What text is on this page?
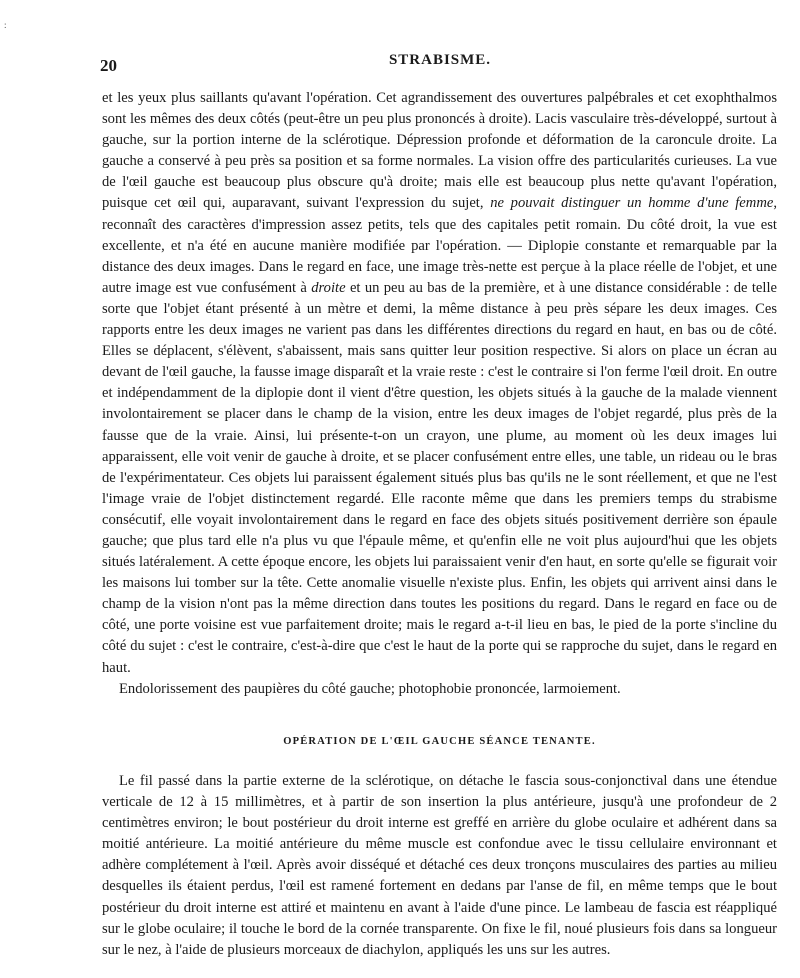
:
20	STRABISME.

et les yeux plus saillants qu'avant l'opération. Cet agrandissement des ouvertures palpébrales et cet exophthalmos sont les mêmes des deux côtés (peut-être un peu plus prononcés à droite). Lacis vasculaire très-développé, surtout à gauche, sur la portion interne de la sclérotique. Dépression profonde et déformation de la caroncule droite. La gauche a conservé à peu près sa position et sa forme normales. La vision offre des particularités curieuses. La vue de l'œil gauche est beaucoup plus obscure qu'à droite; mais elle est beaucoup plus nette qu'avant l'opération, puisque cet œil qui, auparavant, suivant l'expression du sujet, ne pouvait distinguer un homme d'une femme, reconnaît des caractères d'impression assez petits, tels que des capitales petit romain. Du côté droit, la vue est excellente, et n'a été en aucune manière modifiée par l'opération. — Diplopie constante et remarquable par la distance des deux images. Dans le regard en face, une image très-nette est perçue à la place réelle de l'objet, et une autre image est vue confusément à droite et un peu au bas de la première, et à une distance considérable : de telle sorte que l'objet étant présenté à un mètre et demi, la même distance à peu près sépare les deux images. Ces rapports entre les deux images ne varient pas dans les différentes directions du regard en haut, en bas ou de côté. Elles se déplacent, s'élèvent, s'abaissent, mais sans quitter leur position respective. Si alors on place un écran au devant de l'œil gauche, la fausse image disparaît et la vraie reste : c'est le contraire si l'on ferme l'œil droit. En outre et indépendamment de la diplopie dont il vient d'être question, les objets situés à la gauche de la malade viennent involontairement se placer dans le champ de la vision, entre les deux images de l'objet regardé, plus près de la fausse que de la vraie. Ainsi, lui présente-t-on un crayon, une plume, au moment où les deux images lui apparaissent, elle voit venir de gauche à droite, et se placer confusément entre elles, une table, un rideau ou le bras de l'expérimentateur. Ces objets lui paraissent également situés plus bas qu'ils ne le sont réellement, et que ne l'est l'image vraie de l'objet distinctement regardé. Elle raconte même que dans les premiers temps du strabisme consécutif, elle voyait involontairement dans le regard en face des objets situés positivement derrière son épaule gauche; que plus tard elle n'a plus vu que l'épaule même, et qu'enfin elle ne voit plus aujourd'hui que les objets situés latéralement. A cette époque encore, les objets lui paraissaient venir d'en haut, en sorte qu'elle se figurait voir les maisons lui tomber sur la tête. Cette anomalie visuelle n'existe plus. Enfin, les objets qui arrivent ainsi dans le champ de la vision n'ont pas la même direction dans toutes les positions du regard. Dans le regard en face ou de côté, une porte voisine est vue parfaitement droite; mais le regard a-t-il lieu en bas, le pied de la porte s'incline du côté du sujet : c'est le contraire, c'est-à-dire que c'est le haut de la porte qui se rapproche du sujet, dans le regard en haut.

Endolorissement des paupières du côté gauche; photophobie prononcée, larmoiement.

OPÉRATION DE L'ŒIL GAUCHE SÉANCE TENANTE.

Le fil passé dans la partie externe de la sclérotique, on détache le fascia sous-conjonctival dans une étendue verticale de 12 à 15 millimètres, et à partir de son insertion la plus antérieure, jusqu'à une profondeur de 2 centimètres environ; le bout postérieur du droit interne est greffé en arrière du globe oculaire et adhérent dans sa moitié antérieure. La moitié antérieure du même muscle est confondue avec le tissu cellulaire environnant et adhère complétement à l'œil. Après avoir disséqué et détaché ces deux tronçons musculaires des parties au milieu desquelles ils étaient perdus, l'œil est ramené fortement en dedans par l'anse de fil, en même temps que le bout postérieur du droit interne est attiré et maintenu en avant à l'aide d'une pince. Le lambeau de fascia est réappliqué sur le globe oculaire; il touche le bord de la cornée transparente. On fixe le fil, noué plusieurs fois dans sa longueur sur le nez, à l'aide de plusieurs morceaux de diachylon, appliqués les uns sur les autres.
